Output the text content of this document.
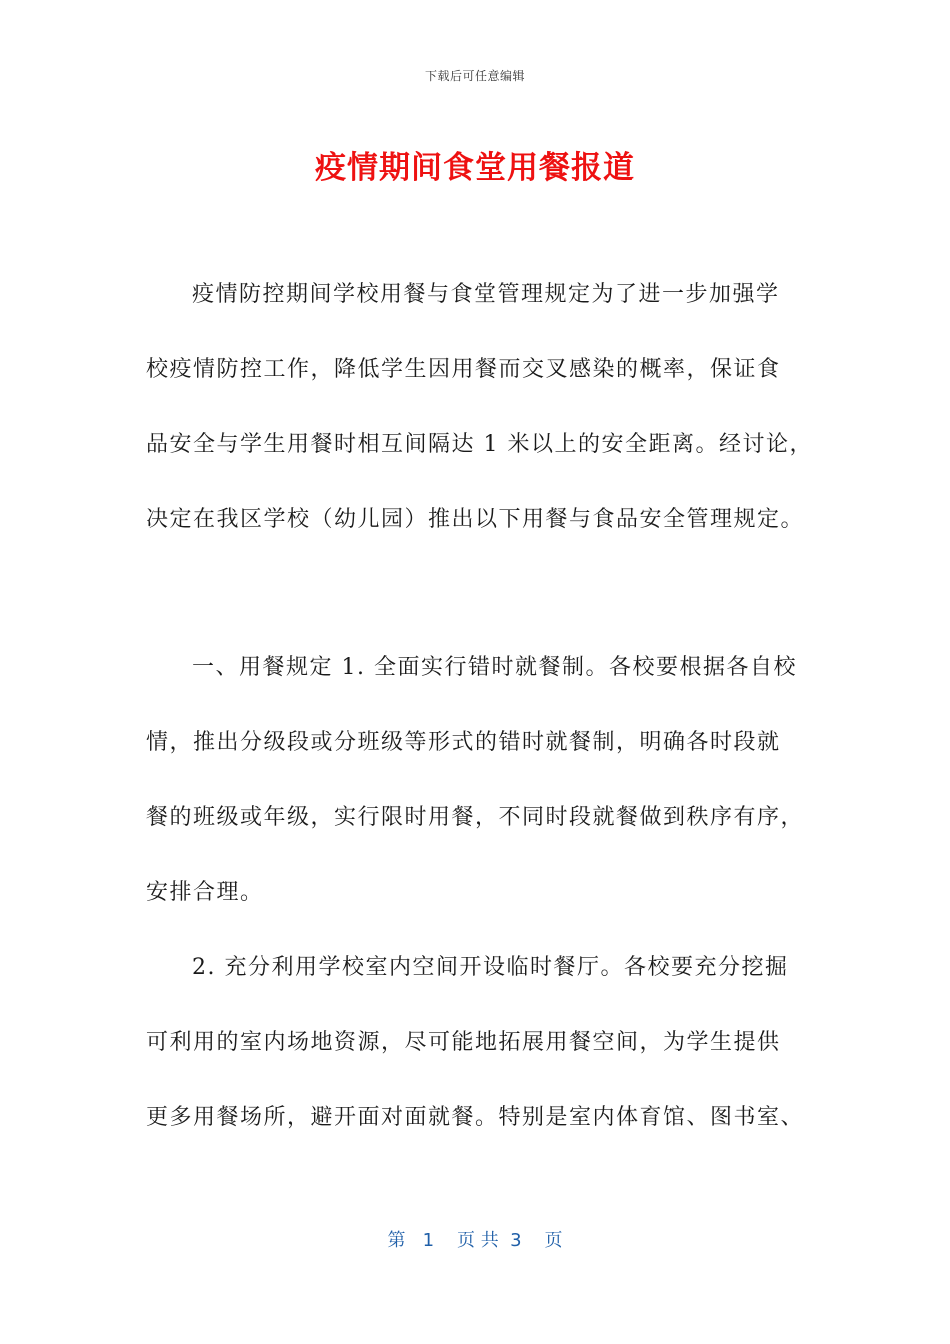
下载后可任意编辑
疫情期间食堂用餐报道
疫情防控期间学校用餐与食堂管理规定为了进一步加强学
校疫情防控工作，降低学生因用餐而交叉感染的概率，保证食
品安全与学生用餐时相互间隔达 1 米以上的安全距离。经讨论，
决定在我区学校（幼儿园）推出以下用餐与食品安全管理规定。
一、用餐规定 1. 全面实行错时就餐制。各校要根据各自校
情，推出分级段或分班级等形式的错时就餐制，明确各时段就
餐的班级或年级，实行限时用餐，不同时段就餐做到秩序有序，
安排合理。
2. 充分利用学校室内空间开设临时餐厅。各校要充分挖掘
可利用的室内场地资源，尽可能地拓展用餐空间，为学生提供
更多用餐场所，避开面对面就餐。特别是室内体育馆、图书室、
第   1    页 共  3    页
